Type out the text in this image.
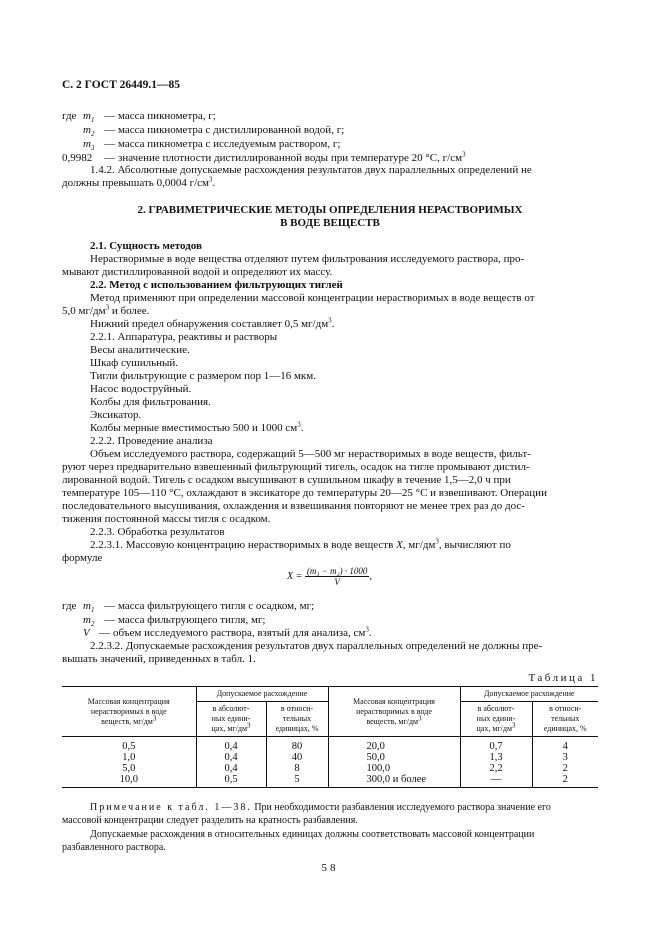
С. 2 ГОСТ 26449.1—85
где $m_1$ — масса пикнометра, г;
$m_2$ — масса пикнометра с дистиллированной водой, г;
$m_3$ — масса пикнометра с исследуемым раствором, г;
0,9982 — значение плотности дистиллированной воды при температуре 20 °С, $г/см^3$
1.4.2. Абсолютные допускаемые расхождения результатов двух параллельных определений не
должны превышать 0,0004 $г/см^3$.
2. ГРАВИМЕТРИЧЕСКИЕ МЕТОДЫ ОПРЕДЕЛЕНИЯ НЕРАСТВОРИМЫХ
В ВОДЕ ВЕЩЕСТВ
2.1. Сущность методов
Нерастворимые в воде вещества отделяют путем фильтрования исследуемого раствора, про-
мывают дистиллированной водой и определяют их массу.
2.2. Метод с использованием фильтрующих тиглей
Метод применяют при определении массовой концентрации нерастворимых в воде веществ от
5,0 $мг/дм^3$ и более.
Нижний предел обнаружения составляет 0,5 $мг/дм^3$.
2.2.1. Аппаратура, реактивы и растворы
Весы аналитические.
Шкаф сушильный.
Тигли фильтрующие с размером пор 1—16 мкм.
Насос водоструйный.
Колбы для фильтрования.
Эксикатор.
Колбы мерные вместимостью 500 и 1000 $см^3$.
2.2.2. Проведение анализа
Объем исследуемого раствора, содержащий 5—500 мг нерастворимых в воде веществ, фильт-
руют через предварительно взвешенный фильтрующий тигель, осадок на тигле промывают дистил-
лированной водой. Тигель с осадком высушивают в сушильном шкафу в течение 1,5—2,0 ч при
температуре 105—110 °С, охлаждают в эксикаторе до температуры 20—25 °С и взвешивают. Операции
последовательного высушивания, охлаждения и взвешивания повторяют не менее трех раз до дос-
тижения постоянной массы тигля с осадком.
2.2.3. Обработка результатов
2.2.3.1. Массовую концентрацию нерастворимых в воде веществ X, $мг/дм^3$, вычисляют по
формуле
$X = \frac{\text{(m₁ − m₂) · 1000}}{V}$ ,
где $m_1$ — масса фильтрующего тигля с осадком, мг;
$m_2$ — масса фильтрующего тигля, мг;
V — объем исследуемого раствора, взятый для анализа, $см^3$.
2.2.3.2. Допускаемые расхождения результатов двух параллельных определений не должны пре-
вышать значений, приведенных в табл. 1.
Таблица 1
Массовая концентрация
нерастворимых в воде
веществ, $мг/дм^3$	Допускаемое расхождение		Массовая концентрация
нерастворимых в воде
веществ, $мг/дм^3$	Допускаемое расхождение	
	в абсолют-
ных едини-
цах, $мг/дм^3$	в относи-
тельных
единицах, %		в абсолют-
ных едини-
цах, $мг/дм^3$	в относи-
тельных
единицах, %
0,5	0,4	80	20,0	0,7	4
1,0	0,4	40	50,0	1,3	3
5,0	0,4	8	100,0	2,2	2
10,0	0,5	5	300,0 и более	—	2
Примечание к табл. 1—38. При необходимости разбавления исследуемого раствора значение его
массовой концентрации следует разделить на кратность разбавления.
Допускаемые расхождения в относительных единицах должны соответствовать массовой концентрации
разбавленного раствора.
58
